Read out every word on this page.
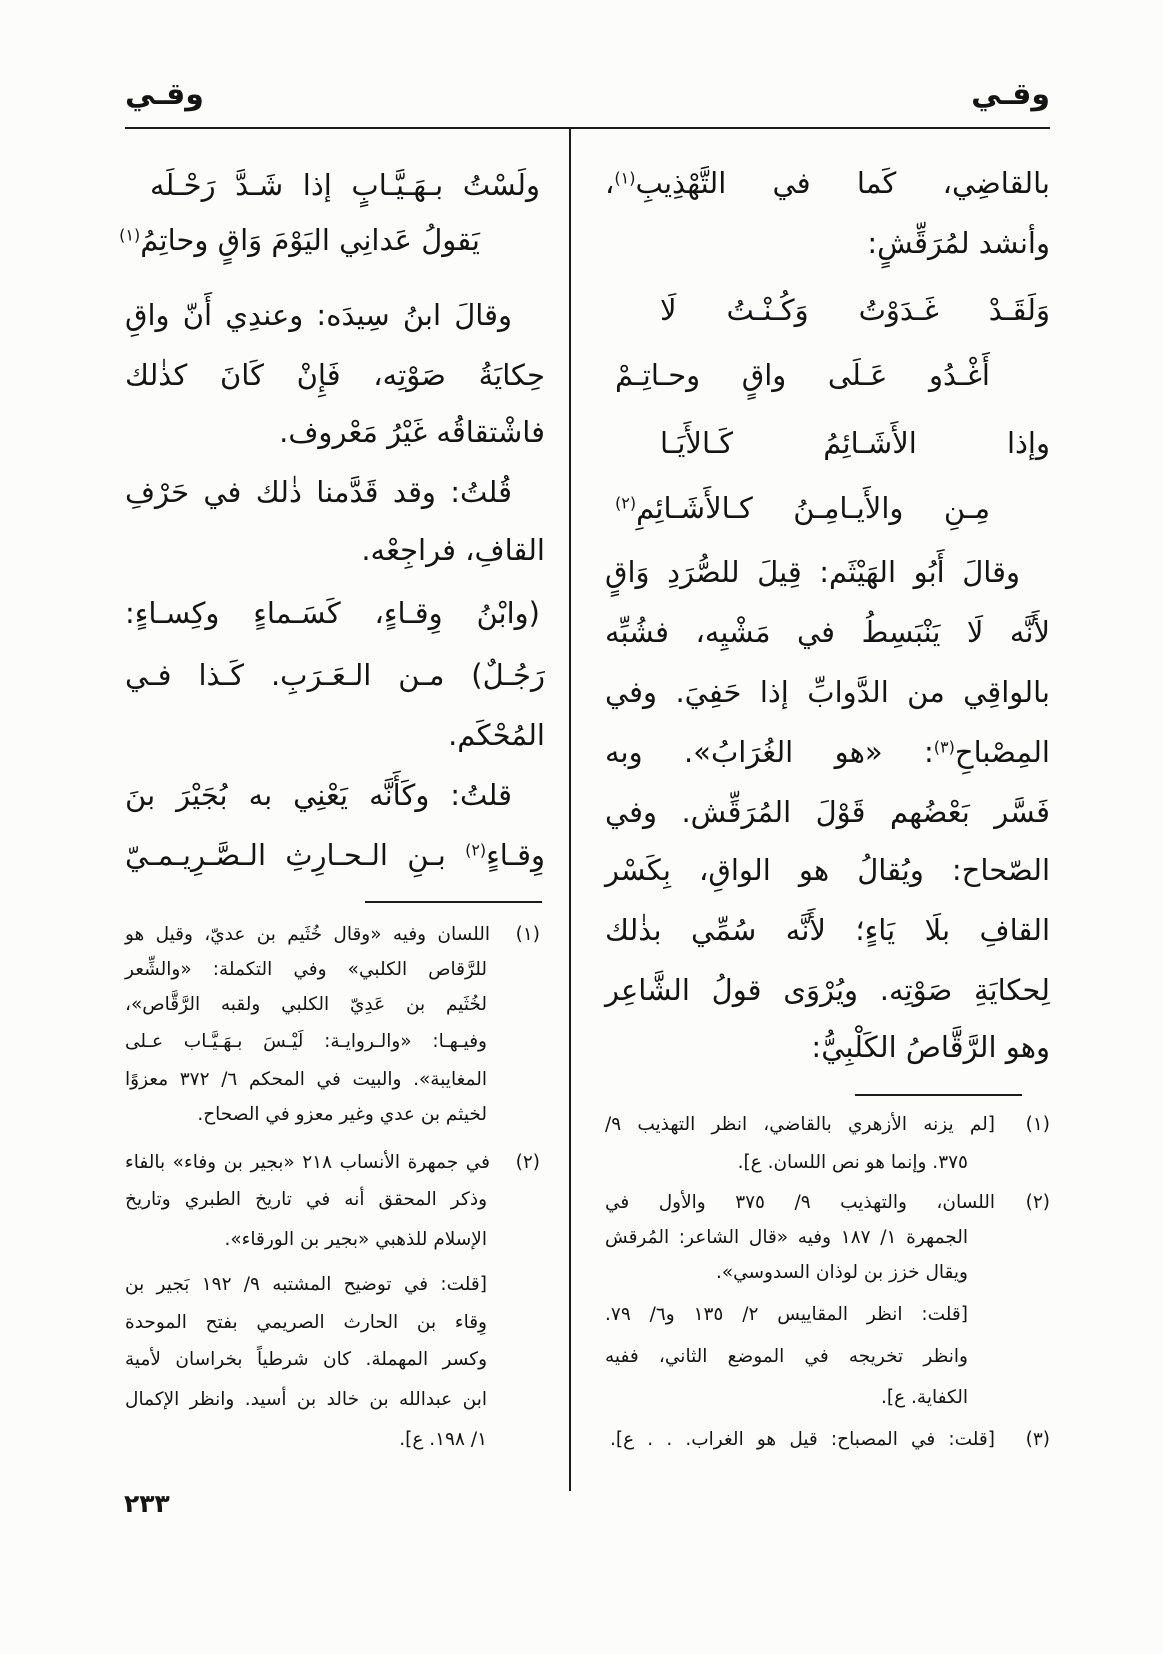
وقـي
وقـي
بالقاضِي، كَما في التَّهْذِيبِ$^{(١)}$،
وأنشد لمُرَقِّشٍ:
وَلَقَـدْ غَـدَوْتُ وَكُـنْـتُ لَا
أَغْـدُو عَـلَى واقٍ وحـاتِـمْ
وإذا الأَشَـائِمُ كَـالأَيَـا
مِـنِ والأَيـامِـنُ كـالأَشَـائِمِ$^{(٢)}$
وقالَ أَبُو الهَيْثَم: قِيلَ للصُّرَدِ وَاقٍ
لأَنَّه لَا يَنْبَسِطُ في مَشْيِه، فشُبِّه
بالواقِي من الدَّوابِّ إذا حَفِيَ. وفي
المِصْباحِ$^{(٣)}$: «هو الغُرَابُ». وبه
فَسَّر بَعْضُهم قَوْلَ المُرَقِّش. وفي
الصّحاح: ويُقالُ هو الواقِ، بِكَسْر
القافِ بلَا يَاءٍ؛ لأَنَّه سُمِّي بذٰلك
لِحكايَةِ صَوْتِه. ويُرْوَى قولُ الشَّاعِر
وهو الرَّقَّاصُ الكَلْبِيُّ:
(١)
[لم يزنه الأزهري بالقاضي، انظر التهذيب ٩/
٣٧٥. وإنما هو نص اللسان. ع].
(٢)
اللسان، والتهذيب ٩/ ٣٧٥ والأول في
الجمهرة ١/ ١٨٧ وفيه «قال الشاعر: المُرقش
ويقال خزز بن لوذان السدوسي».
[قلت: انظر المقاييس ٢/ ١٣٥ و٦/ ٧٩.
وانظر تخريجه في الموضع الثاني، ففيه
الكفاية. ع].
(٣)
[قلت: في المصباح: قيل هو الغراب. . . ع].
ولَسْتُ بـهَـيَّـابٍ إذا شَـدَّ رَحْـلَه
يَقولُ عَدانِي اليَوْمَ وَاقٍ وحاتِمُ$^{(١)}$
وقالَ ابنُ سِيدَه: وعندِي أَنّ واقِ
حِكايَةُ صَوْتِه، فَإِنْ كَانَ كذٰلك
فاشْتقاقُه غَيْرُ مَعْروف.
قُلتُ: وقد قَدَّمنا ذٰلك في حَرْفِ
القافِ، فراجِعْه.
(وابْنُ وِقـاءٍ، كَسَـماءٍ وكِسـاءٍ:
رَجُـلٌ) مـن الـعَـرَبِ. كَـذا فـي
المُحْكَم.
قلتُ: وكَأَنَّه يَعْنِي به بُجَيْرَ بنَ
وِقـاءٍ$^{(٢)}$ بـنِ الـحـارِثِ الـصَّـرِيـمـيّ
(١)
اللسان وفيه «وقال خُثَيم بن عديّ، وقيل هو
للرَّقاص الكلبي» وفي التكملة: «والشِّعر
لخُثَيم بن عَدِيّ الكلبي ولقبه الرَّقَّاص»،
وفيـهـا: «والـروايـة: لَيْـسَ بـهَـيَّـاب عـلى
المغايبة». والبيت في المحكم ٦/ ٣٧٢ معزوًا
لخيثم بن عدي وغير معزو في الصحاح.
(٢)
في جمهرة الأنساب ٢١٨ «بجير بن وفاء» بالفاء
وذكر المحقق أنه في تاريخ الطبري وتاريخ
الإسلام للذهبي «بجير بن الورقاء».
[قلت: في توضيح المشتبه ٩/ ١٩٢ بَجير بن
وِقاء بن الحارث الصريمي بفتح الموحدة
وكسر المهملة. كان شرطياً بخراسان لأمية
ابن عبدالله بن خالد بن أسيد. وانظر الإكمال
١/ ١٩٨. ع].
٢٣٣
